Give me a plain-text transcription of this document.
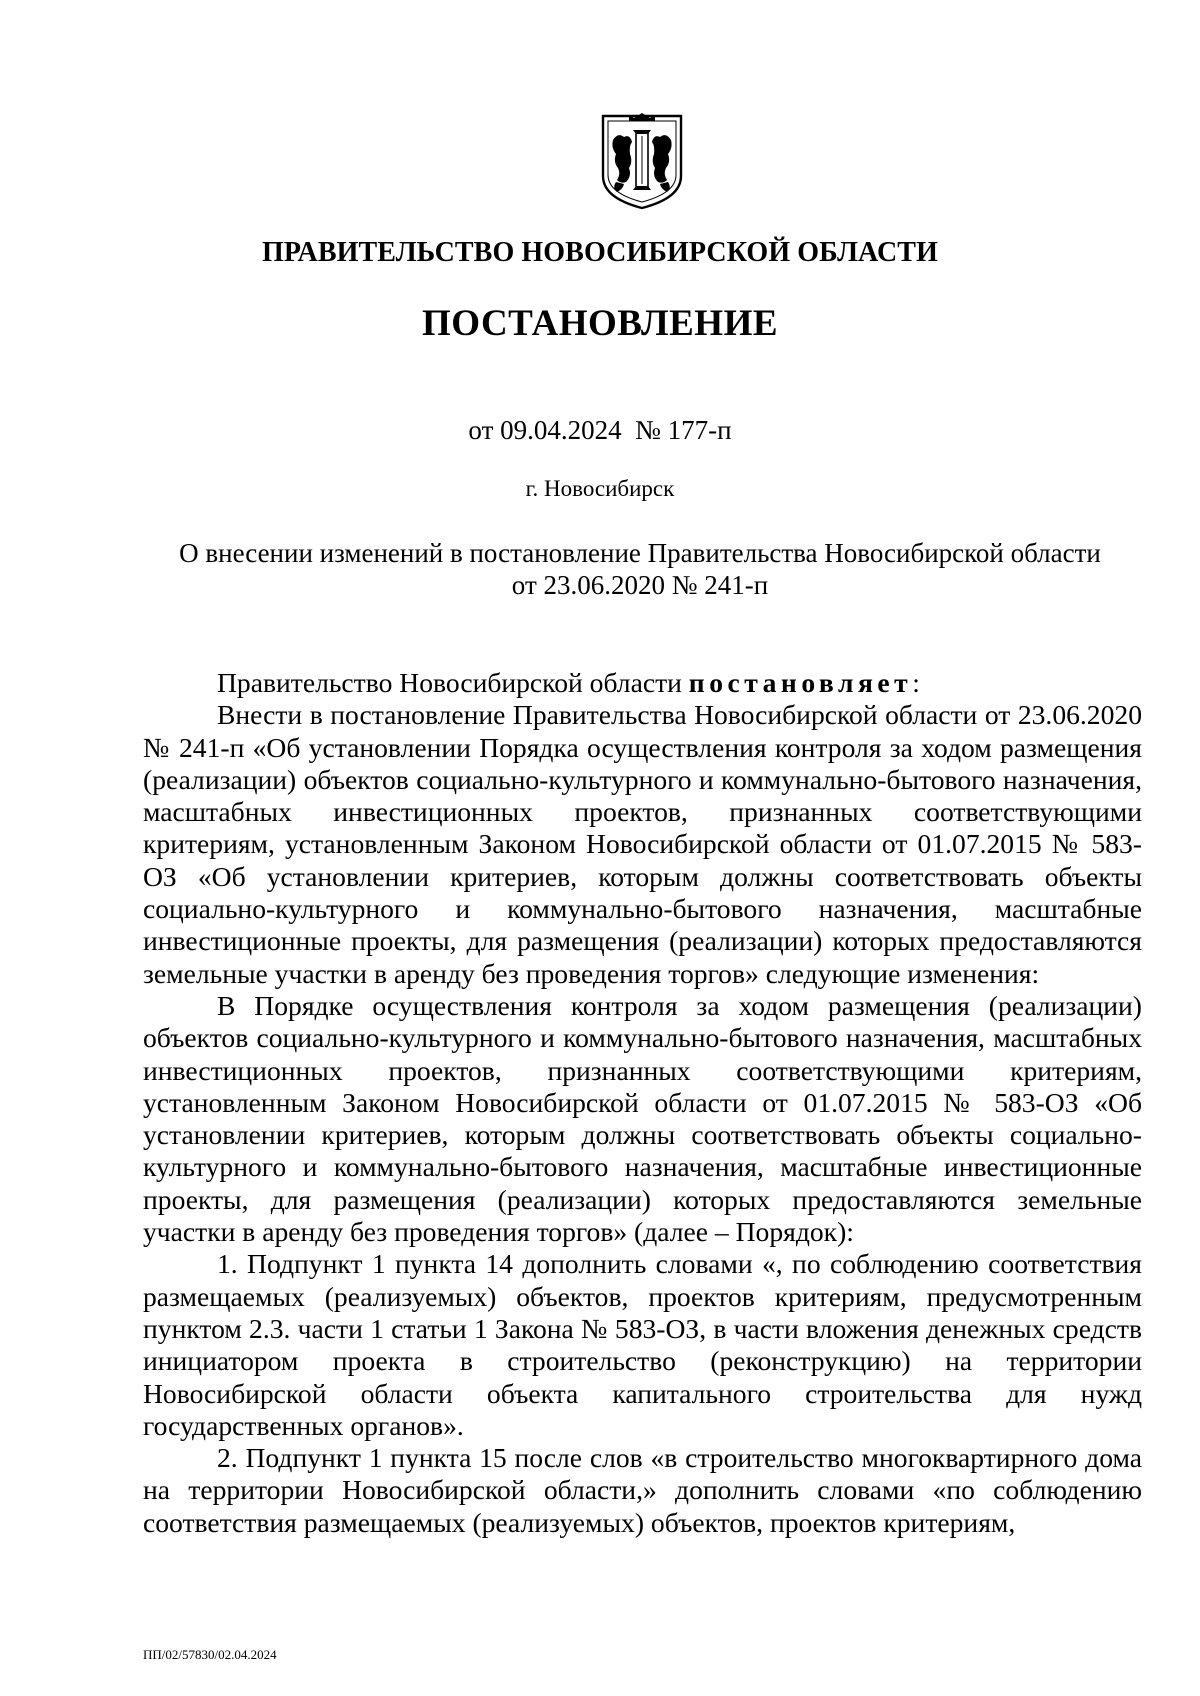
ПРАВИТЕЛЬСТВО НОВОСИБИРСКОЙ ОБЛАСТИ
ПОСТАНОВЛЕНИЕ

от 09.04.2024  № 177-п

г. Новосибирск

О внесении изменений в постановление Правительства Новосибирской области
от 23.06.2020 № 241-п

Правительство Новосибирской области постановляет:

Внести в постановление Правительства Новосибирской области от 23.06.2020 № 241-п «Об установлении Порядка осуществления контроля за ходом размещения (реализации) объектов социально-культурного и коммунально-бытового назначения, масштабных инвестиционных проектов, признанных соответствующими критериям, установленным Законом Новосибирской области от 01.07.2015 № 583-ОЗ «Об установлении критериев, которым должны соответствовать объекты социально-культурного и коммунально-бытового назначения, масштабные инвестиционные проекты, для размещения (реализации) которых предоставляются земельные участки в аренду без проведения торгов» следующие изменения:

В Порядке осуществления контроля за ходом размещения (реализации) объектов социально-культурного и коммунально-бытового назначения, масштабных инвестиционных проектов, признанных соответствующими критериям, установленным Законом Новосибирской области от 01.07.2015 № 583-ОЗ «Об установлении критериев, которым должны соответствовать объекты социально-культурного и коммунально-бытового назначения, масштабные инвестиционные проекты, для размещения (реализации) которых предоставляются земельные участки в аренду без проведения торгов» (далее – Порядок):

1. Подпункт 1 пункта 14 дополнить словами «, по соблюдению соответствия размещаемых (реализуемых) объектов, проектов критериям, предусмотренным пунктом 2.3. части 1 статьи 1 Закона № 583-ОЗ, в части вложения денежных средств инициатором проекта в строительство (реконструкцию) на территории Новосибирской области объекта капитального строительства для нужд государственных органов».

2. Подпункт 1 пункта 15 после слов «в строительство многоквартирного дома на территории Новосибирской области,» дополнить словами «по соблюдению соответствия размещаемых (реализуемых) объектов, проектов критериям,

ПП/02/57830/02.04.2024
